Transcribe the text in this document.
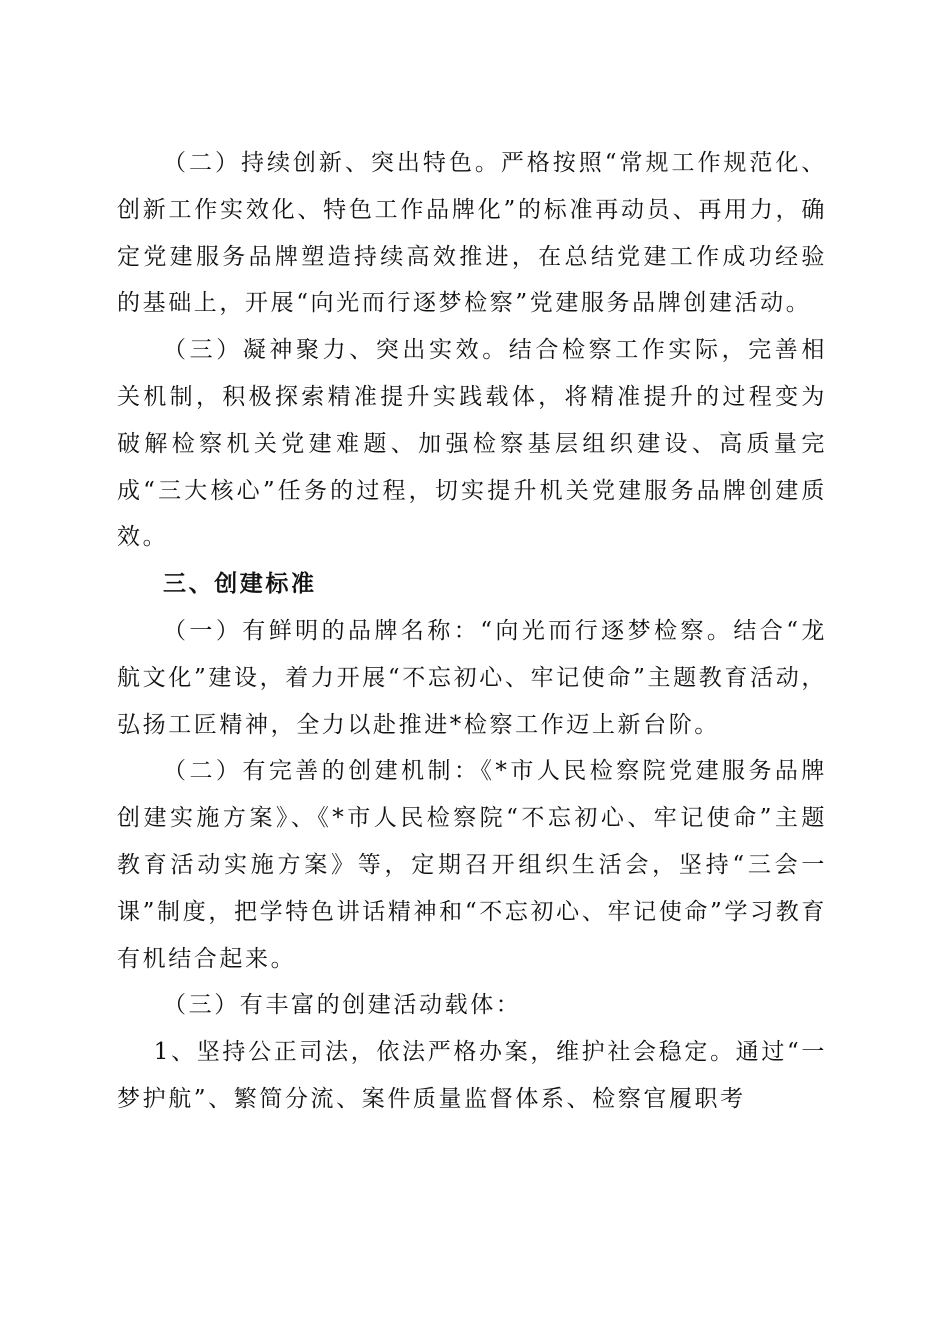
（二）持续创新、突出特色。严格按照“常规工作规范化、创新工作实效化、特色工作品牌化”的标准再动员、再用力，确定党建服务品牌塑造持续高效推进，在总结党建工作成功经验的基础上，开展“向光而行逐梦检察”党建服务品牌创建活动。

（三）凝神聚力、突出实效。结合检察工作实际，完善相关机制，积极探索精准提升实践载体，将精准提升的过程变为破解检察机关党建难题、加强检察基层组织建设、高质量完成“三大核心”任务的过程，切实提升机关党建服务品牌创建质效。

三、创建标准

（一）有鲜明的品牌名称：“向光而行逐梦检察。结合“龙航文化”建设，着力开展“不忘初心、牢记使命”主题教育活动，弘扬工匠精神，全力以赴推进*检察工作迈上新台阶。

（二）有完善的创建机制：《*市人民检察院党建服务品牌创建实施方案》、《*市人民检察院“不忘初心、牢记使命”主题教育活动实施方案》等，定期召开组织生活会，坚持“三会一课”制度，把学特色讲话精神和“不忘初心、牢记使命”学习教育有机结合起来。

（三）有丰富的创建活动载体：

1、坚持公正司法，依法严格办案，维护社会稳定。通过“一梦护航”、繁简分流、案件质量监督体系、检察官履职考
